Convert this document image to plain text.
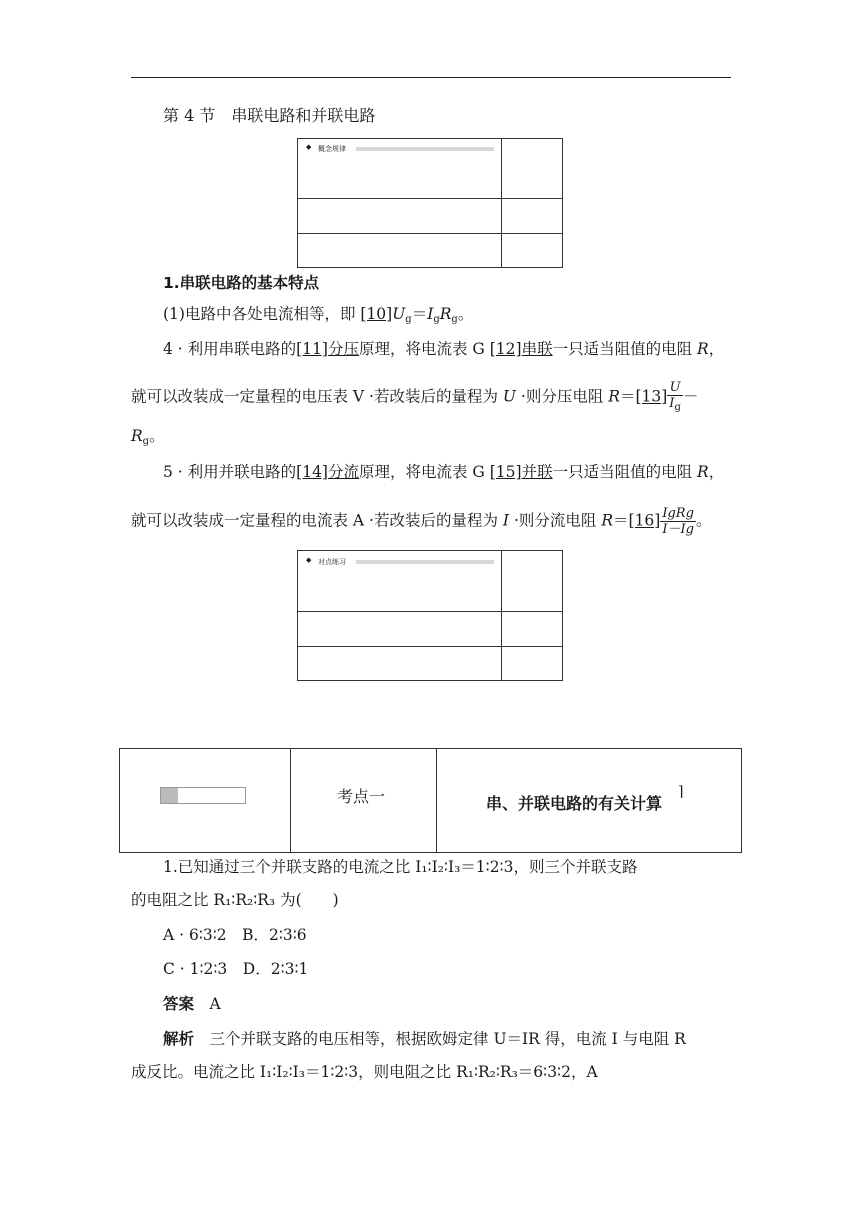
第 4 节　串联电路和并联电路
◆ 概念规律
1.串联电路的基本特点
(1)电路中各处电流相等，即 $[10]U_g=I_gR_g$。
4 · 利用串联电路的[11]分压原理，将电流表 G [12]串联一只适当阻值的电阻 R，
就可以改装成一定量程的电压表 V ·若改装后的量程为 U ·则分压电阻 $R=[13] \frac{U}{I_g}$ －
$R_g$。
5 · 利用并联电路的[14]分流原理，将电流表 G [15]并联一只适当阻值的电阻 R，
就可以改装成一定量程的电流表 A ·若改装后的量程为 I ·则分流电阻 $R=[16] \frac{\text{IgRg}}{I-Ig}$ 。
◆ 对点练习
考点一	串、并联电路的有关计算
⌉
1.已知通过三个并联支路的电流之比 I₁∶I₂∶I₃＝1∶2∶3，则三个并联支路
的电阻之比 R₁∶R₂∶R₃ 为(　　)
A · 6∶3∶2　B．2∶3∶6
C · 1∶2∶3　D．2∶3∶1
答案　 A
解析　 三个并联支路的电压相等，根据欧姆定律 U＝IR 得，电流 I 与电阻 R
成反比。电流之比 I₁∶I₂∶I₃＝1∶2∶3，则电阻之比 R₁∶R₂∶R₃＝6∶3∶2，A
